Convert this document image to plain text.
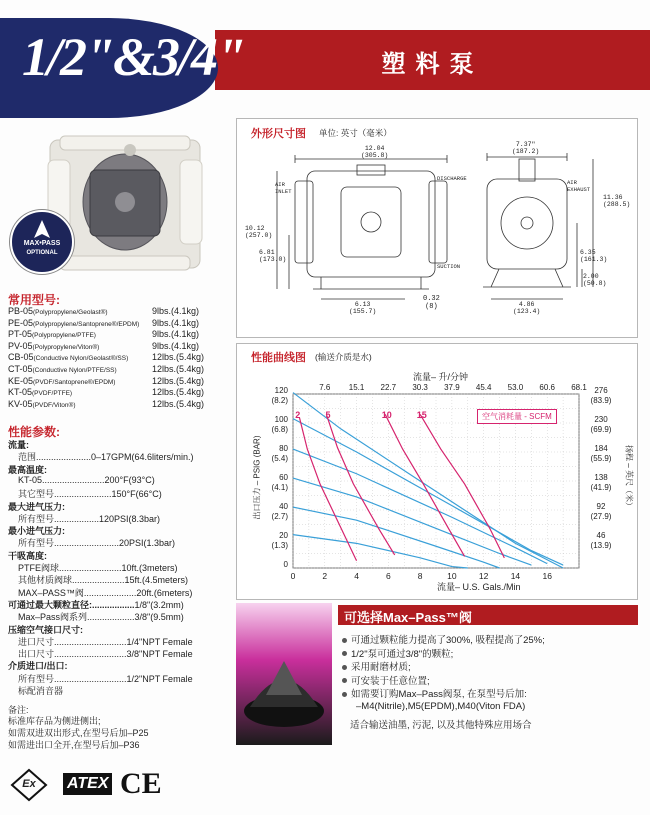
塑料泵
1/2"&3/4"
MAX•PASS
OPTIONAL
常用型号:
PB-05(Polypropylene/Geolast®)	9lbs.(4.1kg)
PE-05(Polypropylene/Santoprene®/EPDM) 9lbs.(4.1kg)
PT-05(Polypropylene/PTFE)	9lbs.(4.1kg)
PV-05(Polypropylene/Viton®)	9lbs.(4.1kg)
CB-05(Conductive Nylon/Geolast®/SS)	12lbs.(5.4kg)
CT-05(Conductive Nylon/PTFE/SS)	12lbs.(5.4kg)
KE-05(PVDF/Santoprene®/EPDM)	12lbs.(5.4kg)
KT-05(PVDF/PTFE)	12lbs.(5.4kg)
KV-05(PVDF/Viton®)	12lbs.(5.4kg)
性能参数:
流量:
范围......................0–17GPM(64.6liters/min.)
最高温度:
KT-05.........................200°F(93°C)
其它型号.......................150°F(66°C)
最大进气压力:
所有型号..................120PSI(8.3bar)
最小进气压力:
所有型号..........................20PSI(1.3bar)
干吸高度:
PTFE阀球.........................10ft.(3meters)
其他材质阀球.....................15ft.(4.5meters)
MAX–PASS™阀.....................20ft.(6meters)
可通过最大颗粒直径:.................1/8"(3.2mm)
Max–Pass阀系列...................3/8"(9.5mm)
压缩空气接口尺寸:
进口尺寸.............................1/4"NPT Female
出口尺寸.............................3/8"NPT Female
介质进口/出口:
所有型号.............................1/2"NPT Female
标配消音器
备注:
标准库存品为侧进侧出;
如需双进双出形式,在型号后加–P25
如需进出口全开,在型号后加–P36
Ex	ATEX CE
外形尺寸图 单位: 英寸（毫米）
12.04
(305.8)
7.37"
(187.2)
11.36
(288.5)
10.12
(257.0)
6.81
(173.0)
6.35
(161.3)
2.00
(50.8)
6.13
(155.7)
0.32
(8)	4.86
(123.4)
AIR INLET
DISCHARGE
SUCTION
AIR EXHAUST
性能曲线图 (输送介质是水)
流量– 升/分钟
流量– U.S. Gals./Min
出口压力 – PSIG (BAR)	扬程 – 英尺（米）
0	2	4	6	8	10	12	14	16
7.6 15.1 22.7 30.3 37.9 45.4 53.0 60.6 68.1
120
(8.2)
100
(6.8)
80
(5.4)
60
(4.1)
40
(2.7)
20
(1.3)
0
276
(83.9)
230
(69.9)
184
(55.9)
138
(41.9)
92
(27.9)
46
(13.9)
2	5	10	15	空气消耗量 - SCFM
可选择Max–Pass™阀
可通过颗粒能力提高了300%, 吸程提高了25%;
1/2"泵可通过3/8"的颗粒;
采用耐磨材质;
可安装于任意位置;
如需要订购Max–Pass阀泵, 在泵型号后加:
–M4(Nitrile),M5(EPDM),M40(Viton FDA)
适合输送油墨, 污泥, 以及其他特殊应用场合
